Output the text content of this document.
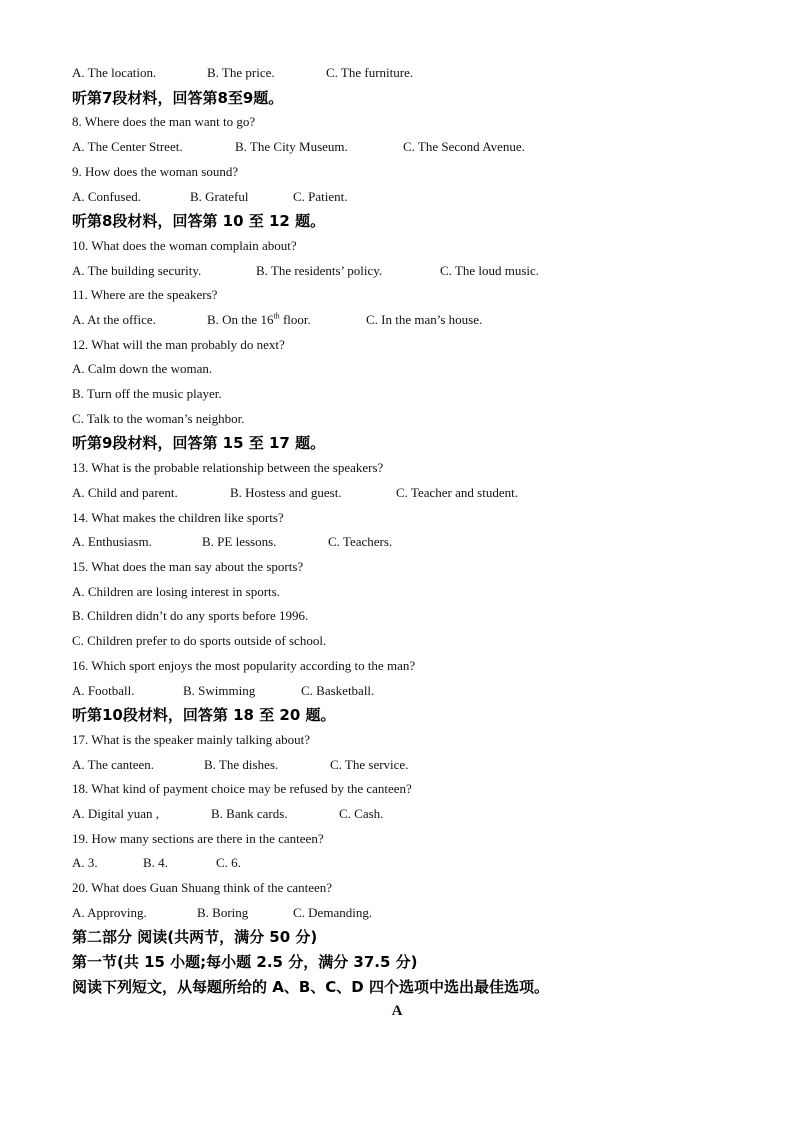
A. The location.	B. The price.	C. The furniture.
听第7段材料，回答第8至9题。
8. Where does the man want to go?
A. The Center Street.	B. The City Museum.	C. The Second Avenue.
9. How does the woman sound?
A. Confused.	B. Grateful	C. Patient.
听第8段材料，回答第 10 至 12 题。
10. What does the woman complain about?
A. The building security.	B. The residents’ policy.	C. The loud music.
11. Where are the speakers?
A. At the office.	B. On the 16th floor.	C. In the man’s house.
12. What will the man probably do next?
A. Calm down the woman.
B. Turn off the music player.
C. Talk to the woman’s neighbor.
听第9段材料，回答第 15 至 17 题。
13. What is the probable relationship between the speakers?
A. Child and parent.	B. Hostess and guest.	C. Teacher and student.
14. What makes the children like sports?
A. Enthusiasm.	B. PE lessons.	C. Teachers.
15. What does the man say about the sports?
A. Children are losing interest in sports.
B. Children didn’t do any sports before 1996.
C. Children prefer to do sports outside of school.
16. Which sport enjoys the most popularity according to the man?
A. Football.	B. Swimming	C. Basketball.
听第10段材料，回答第 18 至 20 题。
17. What is the speaker mainly talking about?
A. The canteen.	B. The dishes.	C. The service.
18. What kind of payment choice may be refused by the canteen?
A. Digital yuan ,	B. Bank cards.	C. Cash.
19. How many sections are there in the canteen?
A. 3.	B. 4.	C. 6.
20. What does Guan Shuang think of the canteen?
A. Approving.	B. Boring	C. Demanding.
第二部分 阅读(共两节，满分 50 分)
第一节(共 15 小题;每小题 2.5 分，满分 37.5 分)
阅读下列短文，从每题所给的 A、B、C、D 四个选项中选出最佳选项。
A
